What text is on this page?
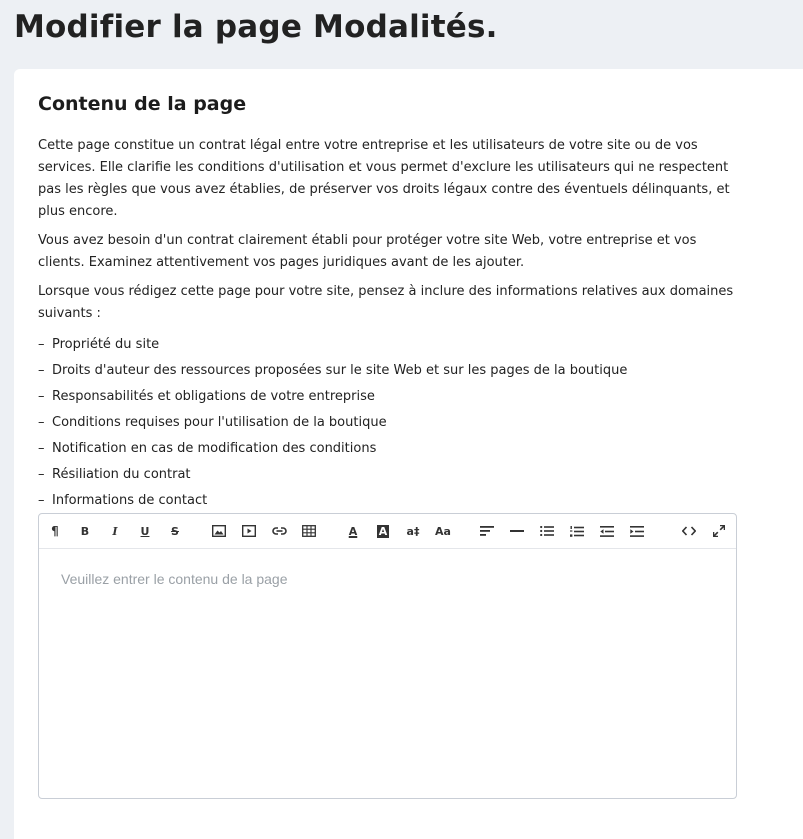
Modifier la page Modalités.
Contenu de la page

Cette page constitue un contrat légal entre votre entreprise et les utilisateurs de votre site ou de vos services. Elle clarifie les conditions d'utilisation et vous permet d'exclure les utilisateurs qui ne respectent pas les règles que vous avez établies, de préserver vos droits légaux contre des éventuels délinquants, et plus encore.

Vous avez besoin d'un contrat clairement établi pour protéger votre site Web, votre entreprise et vos clients. Examinez attentivement vos pages juridiques avant de les ajouter.

Lorsque vous rédigez cette page pour votre site, pensez à inclure des informations relatives aux domaines suivants :

– Propriété du site
– Droits d'auteur des ressources proposées sur le site Web et sur les pages de la boutique
– Responsabilités et obligations de votre entreprise
– Conditions requises pour l'utilisation de la boutique
– Notification en cas de modification des conditions
– Résiliation du contrat
– Informations de contact
¶ B I U S	A A a‡ Aa
Veuillez entrer le contenu de la page
